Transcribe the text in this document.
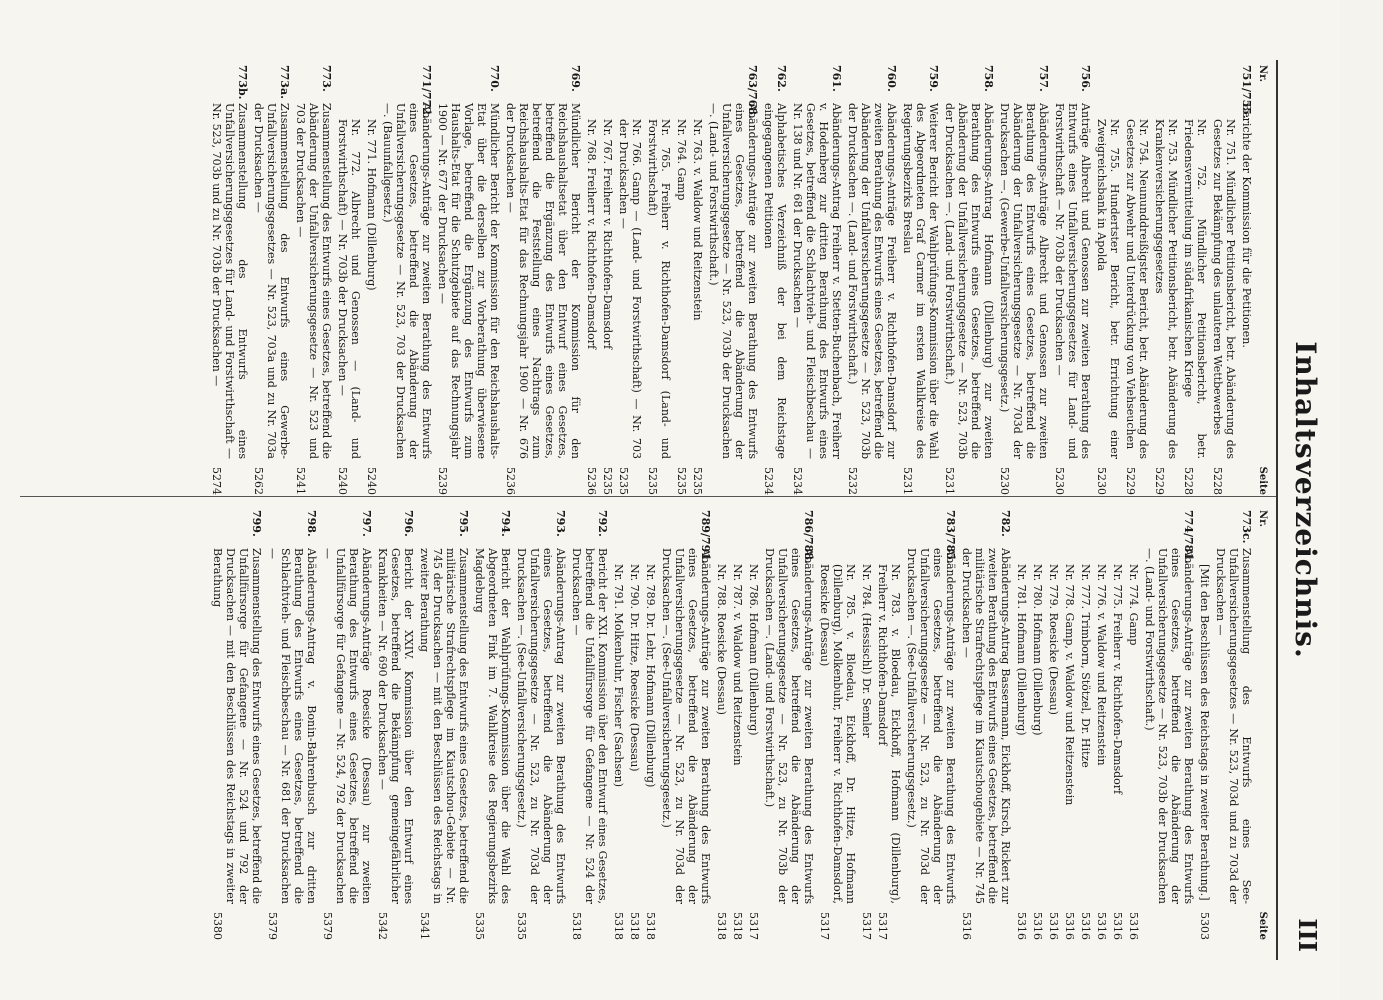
Inhaltsverzeichnis.
III
Nr.
Seite
751/755.
Berichte der Kommission für die Petitionen.
Nr. 751. Mündlicher Petitionsbericht, betr. Abänderung des Gesetzes zur Bekämpfung des unlauteren Wettbewerbes
5228
Nr. 752. Mündlicher Petitionsbericht, betr. Friedensvermittelung im südafrikanischen Kriege
5228
Nr. 753. Mündlicher Petitionsbericht, betr. Abänderung des Krankenversicherungsgesetzes
5229
Nr. 754. Neununddreißigster Bericht, betr. Abänderung des Gesetzes zur Abwehr und Unterdrückung von Viehseuchen
5229
Nr. 755. Hundertster Bericht, betr. Errichtung einer Zweigreichsbank in Apolda
5230
756.
Anträge Albrecht und Genossen zur zweiten Berathung des Entwurfs eines Unfallversicherungsgesetzes für Land- und Forstwirthschaft — Nr. 703b der Drucksachen —
5230
757.
Abänderungs-Anträge Albrecht und Genossen zur zweiten Berathung des Entwurfs eines Gesetzes, betreffend die Abänderung der Unfallversicherungsgesetze — Nr. 703d der Drucksachen —. (Gewerbe-Unfallversicherungsgesetz.)
5230
758.
Abänderungs-Antrag Hofmann (Dillenburg) zur zweiten Berathung des Entwurfs eines Gesetzes, betreffend die Abänderung der Unfallversicherungsgesetze — Nr. 523, 703b der Drucksachen —. (Land- und Forstwirthschaft.)
5231
759.
Weiterer Bericht der Wahlprüfungs-Kommission über die Wahl des Abgeordneten Graf Carmer im ersten Wahlkreise des Regierungsbezirks Breslau
5231
760.
Abänderungs-Anträge Freiherr v. Richthofen-Damsdorf zur zweiten Berathung des Entwurfs eines Gesetzes, betreffend die Abänderung der Unfallversicherungsgesetze — Nr. 523, 703b der Drucksachen —. (Land- und Forstwirthschaft.)
5232
761.
Abänderungs-Antrag Freiherr v. Stetten-Buchenbach, Freiherr v. Hodenberg zur dritten Berathung des Entwurfs eines Gesetzes, betreffend die Schlachtvieh- und Fleischbeschau — Nr. 138 und Nr. 681 der Drucksachen —
5234
762.
Alphabetisches Verzeichniß der bei dem Reichstage eingegangenen Petitionen
5234
763/768.
Abänderungs-Anträge zur zweiten Berathung des Entwurfs eines Gesetzes, betreffend die Abänderung der Unfallversicherungsgesetze — Nr. 523, 703b der Drucksachen —. (Land- und Forstwirthschaft.)
Nr. 763. v. Waldow und Reitzenstein
5235
Nr. 764. Gamp
5235
Nr. 765. Freiherr v. Richthofen-Damsdorf (Land- und Forstwirthschaft)
5235
Nr. 766. Gamp — (Land- und Forstwirthschaft) — Nr. 703 der Drucksachen —
5235
Nr. 767. Freiherr v. Richthofen-Damsdorf
5235
Nr. 768. Freiherr v. Richthofen-Damsdorf
5236
769.
Mündlicher Bericht der Kommission für den Reichshaushaltsetat über den Entwurf eines Gesetzes, betreffend die Ergänzung des Entwurfs eines Gesetzes, betreffend die Feststellung eines Nachtrags zum Reichshaushalts-Etat für das Rechnungsjahr 1900 — Nr. 676 der Drucksachen —
5236
770.
Mündlicher Bericht der Kommission für den Reichshaushalts-Etat über die derselben zur Vorberathung überwiesene Vorlage, betreffend die Ergänzung des Entwurfs zum Haushalts-Etat für die Schutzgebiete auf das Rechnungsjahr 1900 — Nr. 677 der Drucksachen —
5239
771/772.
Abänderungs-Anträge zur zweiten Berathung des Entwurfs eines Gesetzes, betreffend die Abänderung der Unfallversicherungsgesetze — Nr. 523, 703 der Drucksachen —. (Bauunfallgesetz.)
Nr. 771. Hofmann (Dillenburg)
5240
Nr. 772. Albrecht und Genossen — (Land- und Forstwirthschaft) — Nr. 703b der Drucksachen —
5240
773.
Zusammenstellung des Entwurfs eines Gesetzes, betreffend die Abänderung der Unfallversicherungsgesetze — Nr. 523 und 703 der Drucksachen —
5241
773a.
Zusammenstellung des Entwurfs eines Gewerbe-Unfallversicherungsgesetzes — Nr. 523, 703a und zu Nr. 703a der Drucksachen —
5262
773b.
Zusammenstellung des Entwurfs eines Unfallversicherungsgesetzes für Land- und Forstwirthschaft — Nr. 523, 703b und zu Nr. 703b der Drucksachen —
5274
Nr.
Seite
773c.
Zusammenstellung des Entwurfs eines See-Unfallversicherungsgesetzes — Nr. 523, 703d und zu 703d der Drucksachen —
[Mit den Beschlüssen des Reichstags in zweiter Berathung.]
5303
774/781.
Abänderungs-Anträge zur zweiten Berathung des Entwurfs eines Gesetzes, betreffend die Abänderung der Unfallversicherungsgesetze — Nr. 523, 703b der Drucksachen —. (Land- und Forstwirthschaft.)
Nr. 774. Gamp
5316
Nr. 775. Freiherr v. Richthofen-Damsdorf
5316
Nr. 776. v. Waldow und Reitzenstein
5316
Nr. 777. Trimborn, Stötzel, Dr. Hitze
5316
Nr. 778. Gamp, v. Waldow und Reitzenstein
5316
Nr. 779. Roesicke (Dessau)
5316
Nr. 780. Hofmann (Dillenburg)
5316
Nr. 781. Hofmann (Dillenburg)
5316
782.
Abänderungs-Antrag Bassermann, Eickhoff, Kirsch, Rickert zur zweiten Berathung des Entwurfs eines Gesetzes, betreffend die militärische Strafrechtspflege im Kiautschougebiete — Nr. 745 der Drucksachen —
5316
783/785.
Abänderungs-Anträge zur zweiten Berathung des Entwurfs eines Gesetzes, betreffend die Abänderung der Unfallversicherungsgesetze — Nr. 523, zu Nr. 703d der Drucksachen —. (See-Unfallversicherungsgesetz.)
Nr. 783. v. Bloedau, Eickhoff, Hofmann (Dillenburg), Freiherr v. Richthofen-Damsdorf
5317
Nr. 784. (Hessischl) Dr. Semler
5317
Nr. 785. v. Bloedau, Eickhoff, Dr. Hitze, Hofmann (Dillenburg), Molkenbuhr, Freiherr v. Richthofen-Damsdorf, Roesicke (Dessau)
5317
786/788.
Abänderungs-Anträge zur zweiten Berathung des Entwurfs eines Gesetzes, betreffend die Abänderung der Unfallversicherungsgesetze — Nr. 523, zu Nr. 703b der Drucksachen —. (Land- und Forstwirthschaft.)
Nr. 786. Hofmann (Dillenburg)
5317
Nr. 787. v. Waldow und Reitzenstein
5318
Nr. 788. Roesicke (Dessau)
5318
789/791.
Abänderungs-Anträge zur zweiten Berathung des Entwurfs eines Gesetzes, betreffend die Abänderung der Unfallversicherungsgesetze — Nr. 523, zu Nr. 703d der Drucksachen —. (See-Unfallversicherungsgesetz.)
Nr. 789. Dr. Lehr, Hofmann (Dillenburg)
5318
Nr. 790. Dr. Hitze, Roesicke (Dessau)
5318
Nr. 791. Molkenbuhr, Fischer (Sachsen)
5318
792.
Bericht der XXI. Kommission über den Entwurf eines Gesetzes, betreffend die Unfallfürsorge für Gefangene — Nr. 524 der Drucksachen —
5318
793.
Abänderungs-Antrag zur zweiten Berathung des Entwurfs eines Gesetzes, betreffend die Abänderung der Unfallversicherungsgesetze — Nr. 523, zu Nr. 703d der Drucksachen —. (See-Unfallversicherungsgesetz.)
5335
794.
Bericht der Wahlprüfungs-Kommission über die Wahl des Abgeordneten Fink im 7. Wahlkreise des Regierungsbezirks Magdeburg
5335
795.
Zusammenstellung des Entwurfs eines Gesetzes, betreffend die militärische Strafrechtspflege im Kiautschou-Gebiete — Nr. 745 der Drucksachen — mit den Beschlüssen des Reichstags in zweiter Berathung
5341
796.
Bericht der XXIV. Kommission über den Entwurf eines Gesetzes, betreffend die Bekämpfung gemeingefährlicher Krankheiten — Nr. 690 der Drucksachen —
5342
797.
Abänderungs-Anträge Roesicke (Dessau) zur zweiten Berathung des Entwurfs eines Gesetzes, betreffend die Unfallfürsorge für Gefangene — Nr. 524, 792 der Drucksachen —
5379
798.
Abänderungs-Antrag v. Bonin-Bahrenbusch zur dritten Berathung des Entwurfs eines Gesetzes, betreffend die Schlachtvieh- und Fleischbeschau — Nr. 681 der Drucksachen —
5379
799.
Zusammenstellung des Entwurfs eines Gesetzes, betreffend die Unfallfürsorge für Gefangene — Nr. 524 und 792 der Drucksachen — mit den Beschlüssen des Reichstags in zweiter Berathung
5380
